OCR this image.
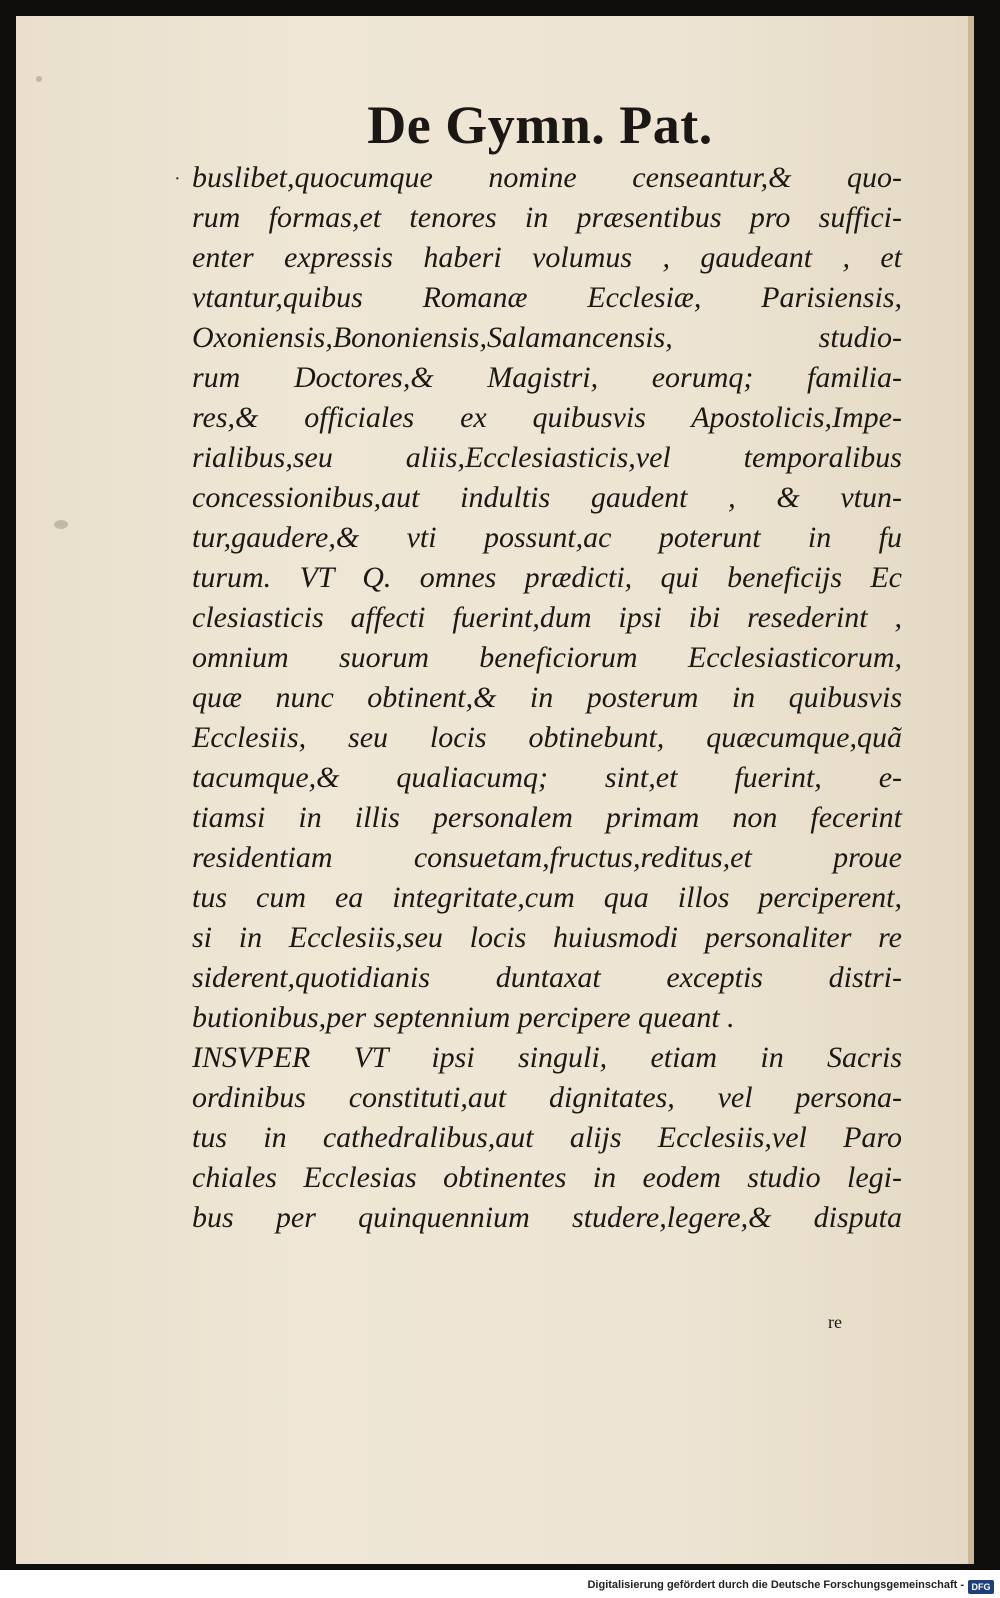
De Gymn. Pat.
· buslibet,quocumque nomine censeantur,& quo-
rum formas,et tenores in præsentibus pro suffici-
enter expressis haberi volumus , gaudeant , et
vtantur,quibus Romanæ Ecclesiæ, Parisiensis,
Oxoniensis,Bononiensis,Salamancensis, studio-
rum Doctores,& Magistri, eorumq; familia-
res,& officiales ex quibusvis Apostolicis,Impe-
rialibus,seu aliis,Ecclesiasticis,vel temporalibus
concessionibus,aut indultis gaudent , & vtun-
tur,gaudere,& vti possunt,ac poterunt in fu
turum. VT Q. omnes prædicti, qui beneficijs Ec
clesiasticis affecti fuerint,dum ipsi ibi resederint ,
omnium suorum beneficiorum Ecclesiasticorum,
quæ nunc obtinent,& in posterum in quibusvis
Ecclesiis, seu locis obtinebunt, quæcumque,quã
tacumque,& qualiacumq; sint,et fuerint, e-
tiamsi in illis personalem primam non fecerint
residentiam consuetam,fructus,reditus,et proue
tus cum ea integritate,cum qua illos perciperent,
si in Ecclesiis,seu locis huiusmodi personaliter re
siderent,quotidianis duntaxat exceptis distri-
butionibus,per septennium percipere queant .
INSVPER VT ipsi singuli, etiam in Sacris
ordinibus constituti,aut dignitates, vel persona-
tus in cathedralibus,aut alijs Ecclesiis,vel Paro
chiales Ecclesias obtinentes in eodem studio legi-
bus per quinquennium studere,legere,& disputa
re
Digitalisierung gefördert durch die Deutsche Forschungsgemeinschaft - DFG
